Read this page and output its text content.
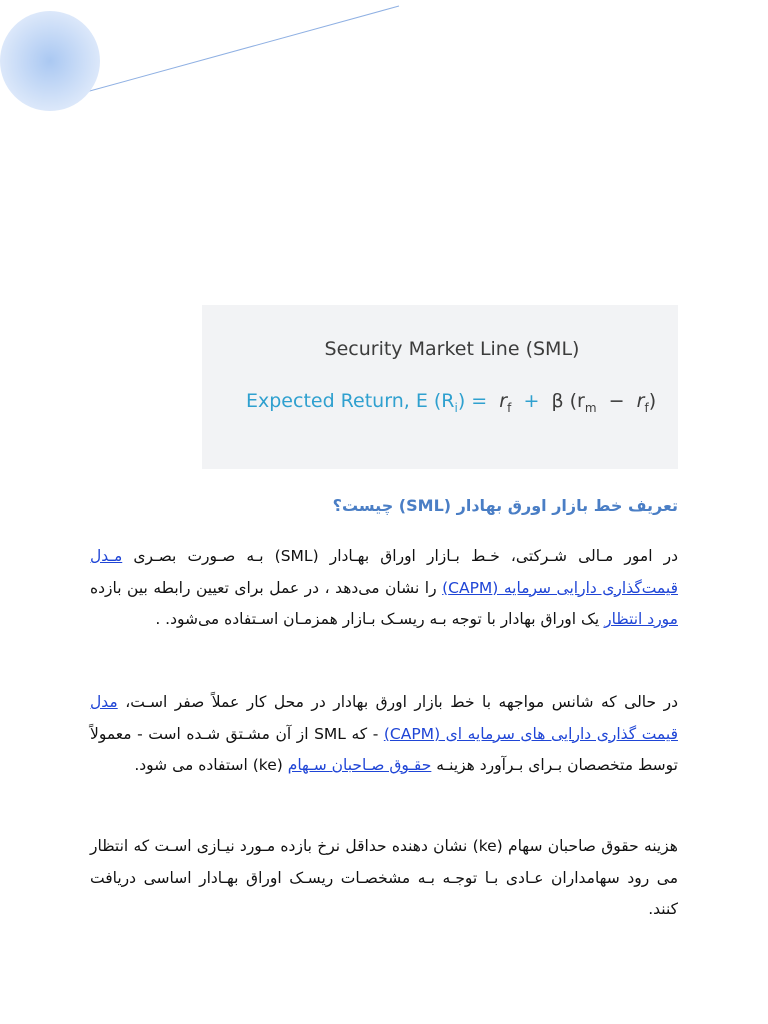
Security Market Line (SML)
Expected Return, E $(R_i) = r_f + \beta$ $(r_m - r_f)$
تعریف خط بازار اورق بهادار (SML) چیست؟
در امور مـالی شـرکتی، خـط بـازار اوراق بهـادار (SML) بـه صـورت بصـری مـدل قیمت‌گذاری دارایی سرمایه (CAPM) را نشان می‌دهد ، در عمل برای تعیین رابطه بین بازده مورد انتظار یک اوراق بهادار با توجه بـه ریسـک بـازار همزمـان اسـتفاده می‌شود. .
در حالی که شانس مواجهه با خط بازار اورق بهادار در محل کار عملاً صفر اسـت، مدل قیمت گذاری دارایی های سرمایه ای (CAPM) - که SML از آن مشـتق شـده است - معمولاً توسط متخصصان بـرای بـرآورد هزینـه حقـوق صـاحبان سـهام (ke) استفاده می شود.
هزینه حقوق صاحبان سهام (ke) نشان دهنده حداقل نرخ بازده مـورد نیـازی اسـت که انتظار می رود سهامداران عـادی بـا توجـه بـه مشخصـات ریسـک اوراق بهـادار اساسی دریافت کنند.
